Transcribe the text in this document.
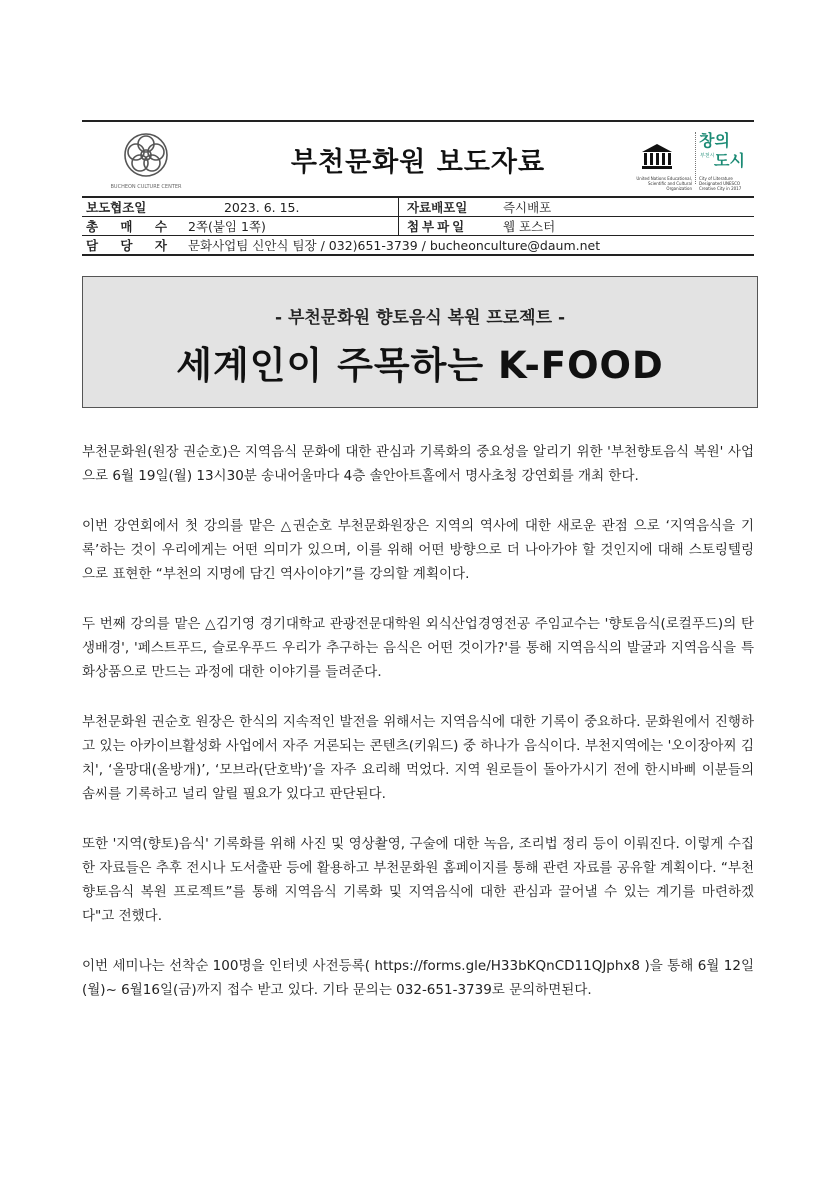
BUCHEON CULTURE CENTER
부천문화원 보도자료
United Nations Educational, Scientific and Cultural Organization
창의
부천시 도시
City of Literature Designated UNESCO Creative City in 2017
보도협조일	2023. 6. 15.	자료배포일	즉시배포
총 매 수	2쪽(붙임 1쪽)	첨부파일	웹 포스터
담 당 자	문화사업팀 신안식 팀장 / 032)651-3739 / bucheonculture@daum.net		
- 부천문화원 향토음식 복원 프로젝트 -
세계인이 주목하는 K-FOOD

부천문화원(원장 권순호)은 지역음식 문화에 대한 관심과 기록화의 중요성을 알리기 위한 '부천향토음식 복원' 사업으로 6월 19일(월) 13시30분 송내어울마다 4층 솔안아트홀에서 명사초청 강연회를 개최 한다.

이번 강연회에서 첫 강의를 맡은 △권순호 부천문화원장은 지역의 역사에 대한 새로운 관점 으로 ‘지역음식을 기록’하는 것이 우리에게는 어떤 의미가 있으며, 이를 위해 어떤 방향으로 더 나아가야 할 것인지에 대해 스토링텔링으로 표현한 “부천의 지명에 담긴 역사이야기”를 강의할 계획이다.

두 번째 강의를 맡은 △김기영 경기대학교 관광전문대학원 외식산업경영전공 주임교수는 '향토음식(로컬푸드)의 탄생배경', '페스트푸드, 슬로우푸드 우리가 추구하는 음식은 어떤 것이가?'를 통해 지역음식의 발굴과 지역음식을 특화상품으로 만드는 과정에 대한 이야기를 들려준다.

부천문화원 권순호 원장은 한식의 지속적인 발전을 위해서는 지역음식에 대한 기록이 중요하다. 문화원에서 진행하고 있는 아카이브활성화 사업에서 자주 거론되는 콘텐츠(키워드) 중 하나가 음식이다. 부천지역에는 '오이장아찌 김치', ‘올망대(올방개)’, ‘모브라(단호박)’을 자주 요리해 먹었다. 지역 원로들이 돌아가시기 전에 한시바삐 이분들의 솜씨를 기록하고 널리 알릴 필요가 있다고 판단된다.

또한 '지역(향토)음식' 기록화를 위해 사진 및 영상촬영, 구술에 대한 녹음, 조리법 정리 등이 이뤄진다. 이렇게 수집한 자료들은 추후 전시나 도서출판 등에 활용하고 부천문화원 홈페이지를 통해 관련 자료를 공유할 계획이다. “부천 향토음식 복원 프로젝트”를 통해 지역음식 기록화 및 지역음식에 대한 관심과 끌어낼 수 있는 계기를 마련하겠다"고 전했다.

이번 세미나는 선착순 100명을 인터넷 사전등록( https://forms.gle/H33bKQnCD11QJphx8 )을 통해 6월 12일 (월)~ 6월16일(금)까지 접수 받고 있다. 기타 문의는 032-651-3739로 문의하면된다.
